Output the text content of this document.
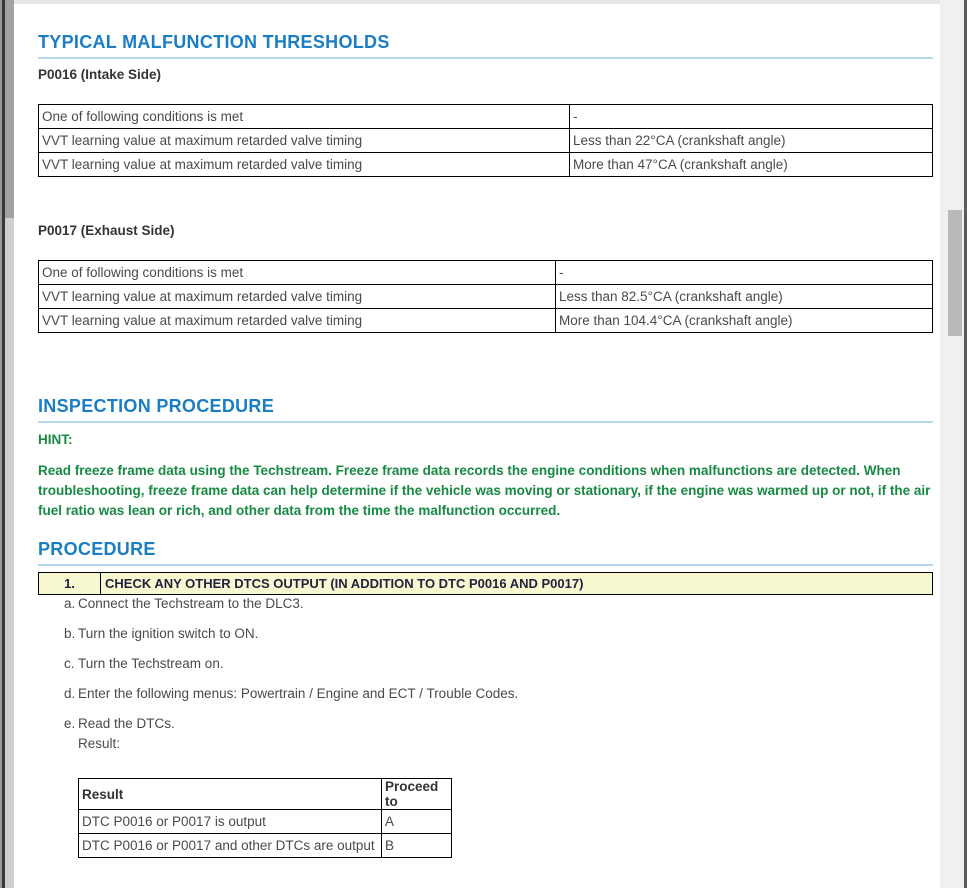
TYPICAL MALFUNCTION THRESHOLDS
P0016 (Intake Side)
One of following conditions is met	-
VVT learning value at maximum retarded valve timing	Less than 22°CA (crankshaft angle)
VVT learning value at maximum retarded valve timing	More than 47°CA (crankshaft angle)
P0017 (Exhaust Side)
One of following conditions is met	-
VVT learning value at maximum retarded valve timing	Less than 82.5°CA (crankshaft angle)
VVT learning value at maximum retarded valve timing	More than 104.4°CA (crankshaft angle)
INSPECTION PROCEDURE
HINT:

Read freeze frame data using the Techstream. Freeze frame data records the engine conditions when malfunctions are detected. When troubleshooting, freeze frame data can help determine if the vehicle was moving or stationary, if the engine was warmed up or not, if the air fuel ratio was lean or rich, and other data from the time the malfunction occurred.

PROCEDURE
1.	CHECK ANY OTHER DTCS OUTPUT (IN ADDITION TO DTC P0016 AND P0017)
a. Connect the Techstream to the DLC3.
b. Turn the ignition switch to ON.
c. Turn the Techstream on.
d. Enter the following menus: Powertrain / Engine and ECT / Trouble Codes.
e. Read the DTCs.
Result:
Result	Proceed to
DTC P0016 or P0017 is output	A
DTC P0016 or P0017 and other DTCs are output	B
